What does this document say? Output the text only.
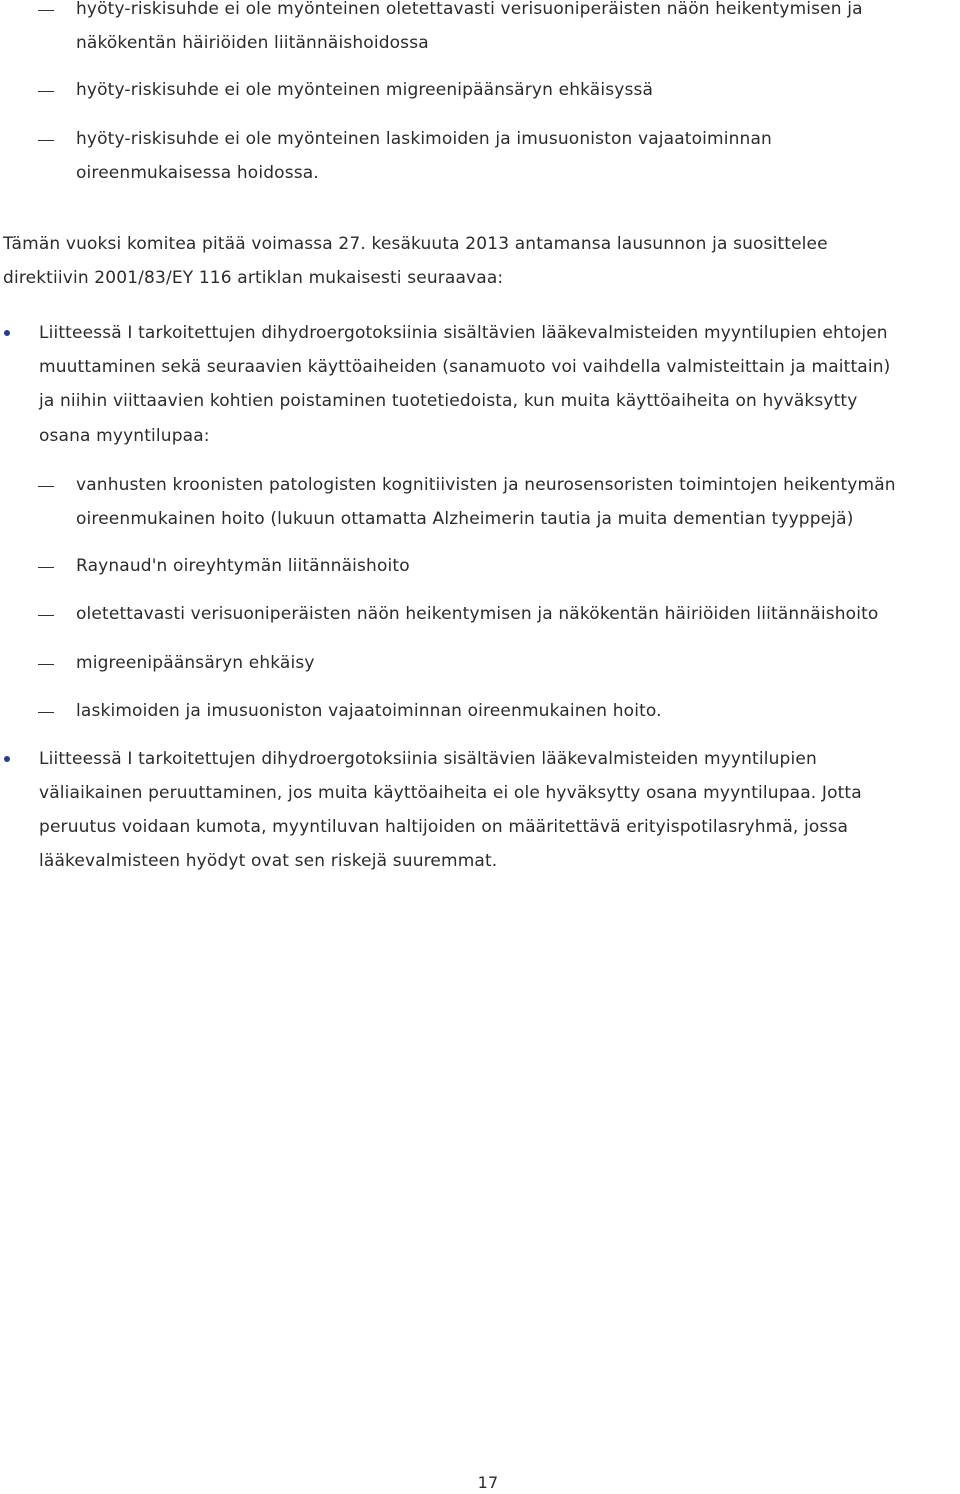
hyöty-riskisuhde ei ole myönteinen oletettavasti verisuoniperäisten näön heikentymisen ja
näkökentän häiriöiden liitännäishoidossa
hyöty-riskisuhde ei ole myönteinen migreenipäänsäryn ehkäisyssä
hyöty-riskisuhde ei ole myönteinen laskimoiden ja imusuoniston vajaatoiminnan
oireenmukaisessa hoidossa.
Tämän vuoksi komitea pitää voimassa 27. kesäkuuta 2013 antamansa lausunnon ja suosittelee
direktiivin 2001/83/EY 116 artiklan mukaisesti seuraavaa:
Liitteessä I tarkoitettujen dihydroergotoksiinia sisältävien lääkevalmisteiden myyntilupien ehtojen
muuttaminen sekä seuraavien käyttöaiheiden (sanamuoto voi vaihdella valmisteittain ja maittain)
ja niihin viittaavien kohtien poistaminen tuotetiedoista, kun muita käyttöaiheita on hyväksytty
osana myyntilupaa:
vanhusten kroonisten patologisten kognitiivisten ja neurosensoristen toimintojen heikentymän
oireenmukainen hoito (lukuun ottamatta Alzheimerin tautia ja muita dementian tyyppejä)
Raynaud'n oireyhtymän liitännäishoito
oletettavasti verisuoniperäisten näön heikentymisen ja näkökentän häiriöiden liitännäishoito
migreenipäänsäryn ehkäisy
laskimoiden ja imusuoniston vajaatoiminnan oireenmukainen hoito.
Liitteessä I tarkoitettujen dihydroergotoksiinia sisältävien lääkevalmisteiden myyntilupien
väliaikainen peruuttaminen, jos muita käyttöaiheita ei ole hyväksytty osana myyntilupaa. Jotta
peruutus voidaan kumota, myyntiluvan haltijoiden on määritettävä erityispotilasryhmä, jossa
lääkevalmisteen hyödyt ovat sen riskejä suuremmat.
17
